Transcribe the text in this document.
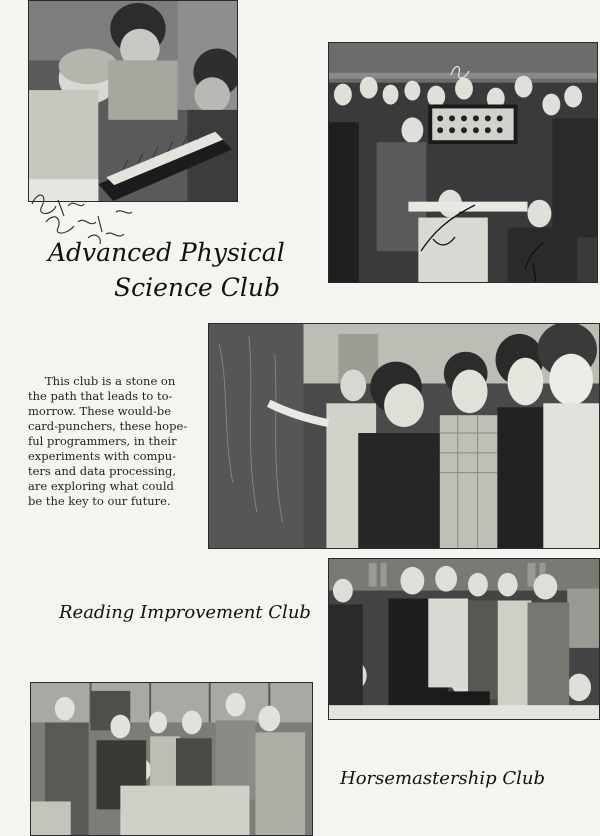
Advanced Physical
Science Club
This club is a stone on
the path that leads to to-
morrow. These would-be
card-punchers, these hope-
ful programmers, in their
experiments with compu-
ters and data processing,
are exploring what could
be the key to our future.
Reading Improvement Club
Horsemastership Club
